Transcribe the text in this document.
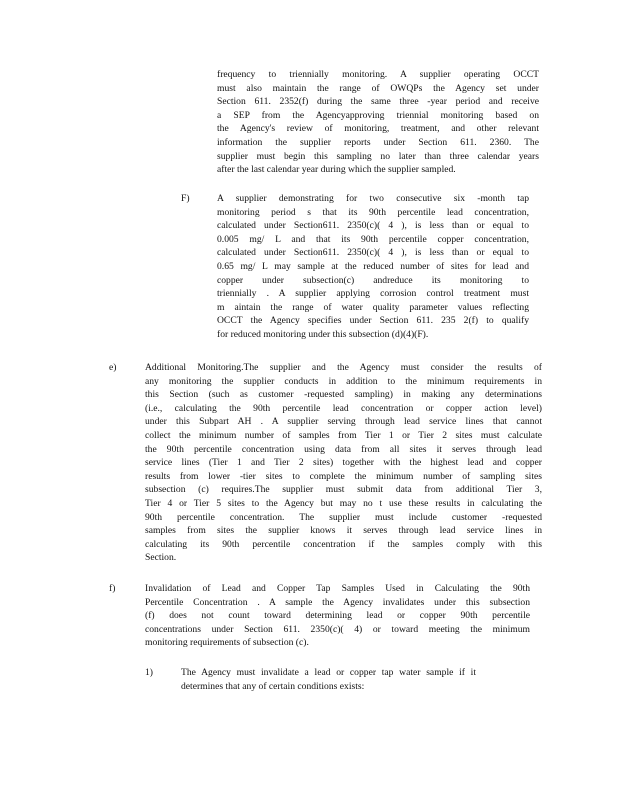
frequency to triennially monitoring. A supplier operating OCCT
must also maintain the range of OWQPs the Agency set under
Section 611. 2352(f) during the same three -year period and receive
a SEP from the Agencyapproving triennial monitoring based on
the Agency's review of monitoring, treatment, and other relevant
information the supplier reports under Section 611. 2360. The
supplier must begin this sampling no later than three calendar years
after the last calendar year during which the supplier sampled.
F)	A supplier demonstrating for two consecutive six -month tap
monitoring period s that its 90th percentile lead concentration,
calculated under Section611. 2350(c)( 4 ), is less than or equal to
0.005 mg/ L and that its 90th percentile copper concentration,
calculated under Section611. 2350(c)( 4 ), is less than or equal to
0.65 mg/ L may sample at the reduced number of sites for lead and
copper under subsection(c) andreduce its monitoring to
triennially . A supplier applying corrosion control treatment must
m aintain the range of water quality parameter values reflecting
OCCT the Agency specifies under Section 611. 235 2(f) to qualify
for reduced monitoring under this subsection (d)(4)(F).
e)	Additional Monitoring.The supplier and the Agency must consider the results of
any monitoring the supplier conducts in addition to the minimum requirements in
this Section (such as customer -requested sampling) in making any determinations
(i.e., calculating the 90th percentile lead concentration or copper action level)
under this Subpart AH . A supplier serving through lead service lines that cannot
collect the minimum number of samples from Tier 1 or Tier 2 sites must calculate
the 90th percentile concentration using data from all sites it serves through lead
service lines (Tier 1 and Tier 2 sites) together with the highest lead and copper
results from lower -tier sites to complete the minimum number of sampling sites
subsection (c) requires.The supplier must submit data from additional Tier 3,
Tier 4 or Tier 5 sites to the Agency but may no t use these results in calculating the
90th percentile concentration. The supplier must include customer -requested
samples from sites the supplier knows it serves through lead service lines in
calculating its 90th percentile concentration if the samples comply with this
Section.
f)	Invalidation of Lead and Copper Tap Samples Used in Calculating the 90th
Percentile Concentration . A sample the Agency invalidates under this subsection
(f) does not count toward determining lead or copper 90th percentile
concentrations under Section 611. 2350(c)( 4) or toward meeting the minimum
monitoring requirements of subsection (c).
1)	The Agency must invalidate a lead or copper tap water sample if it
determines that any of certain conditions exists:
